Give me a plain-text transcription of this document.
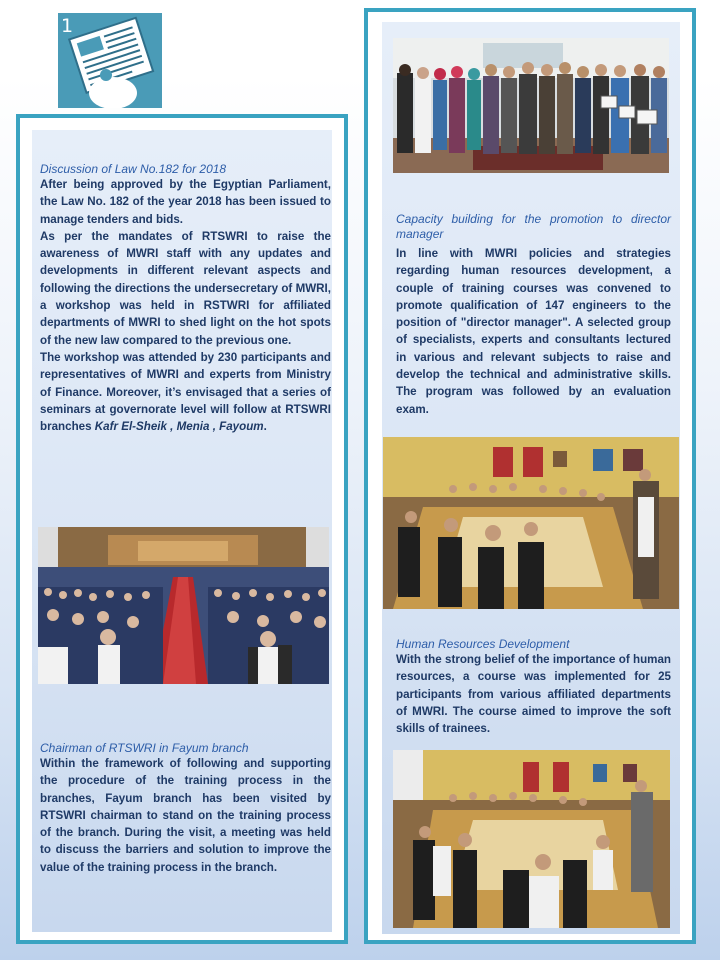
1
Discussion of Law No.182 for 2018

After being approved by the Egyptian Parliament, the Law No. 182 of the year 2018 has been issued to manage tenders and bids.

As per the mandates of RTSWRI to raise the awareness of MWRI staff with any updates and developments in different relevant aspects and following the directions the undersecretary of MWRI, a workshop was held in RSTWRI for affiliated departments of MWRI to shed light on the hot spots of the new law compared to the previous one.

The workshop was attended by 230 participants and representatives of MWRI and experts from Ministry of Finance. Moreover, it’s envisaged that a series of seminars at governorate level will follow at RTSWRI branches Kafr El-Sheik , Menia , Fayoum.

Chairman of RTSWRI in Fayum branch

Within the framework of following and supporting the procedure of the training process in the branches, Fayum branch has been visited by RTSWRI chairman to stand on the training process of the branch. During the visit, a meeting was held to discuss the barriers and solution to improve the value of the training process in the branch.

Capacity building for the promotion to director manager

In line with MWRI policies and strategies regarding human resources development, a couple of training courses was convened to promote qualification of 147 engineers to the position of "director manager". A selected group of specialists, experts and consultants lectured in various and relevant subjects to raise and develop the technical and administrative skills. The program was followed by an evaluation exam.

Human Resources Development

With the strong belief of the importance of human resources, a course was implemented for 25 participants from various affiliated departments of MWRI. The course aimed to improve the soft skills of trainees.
